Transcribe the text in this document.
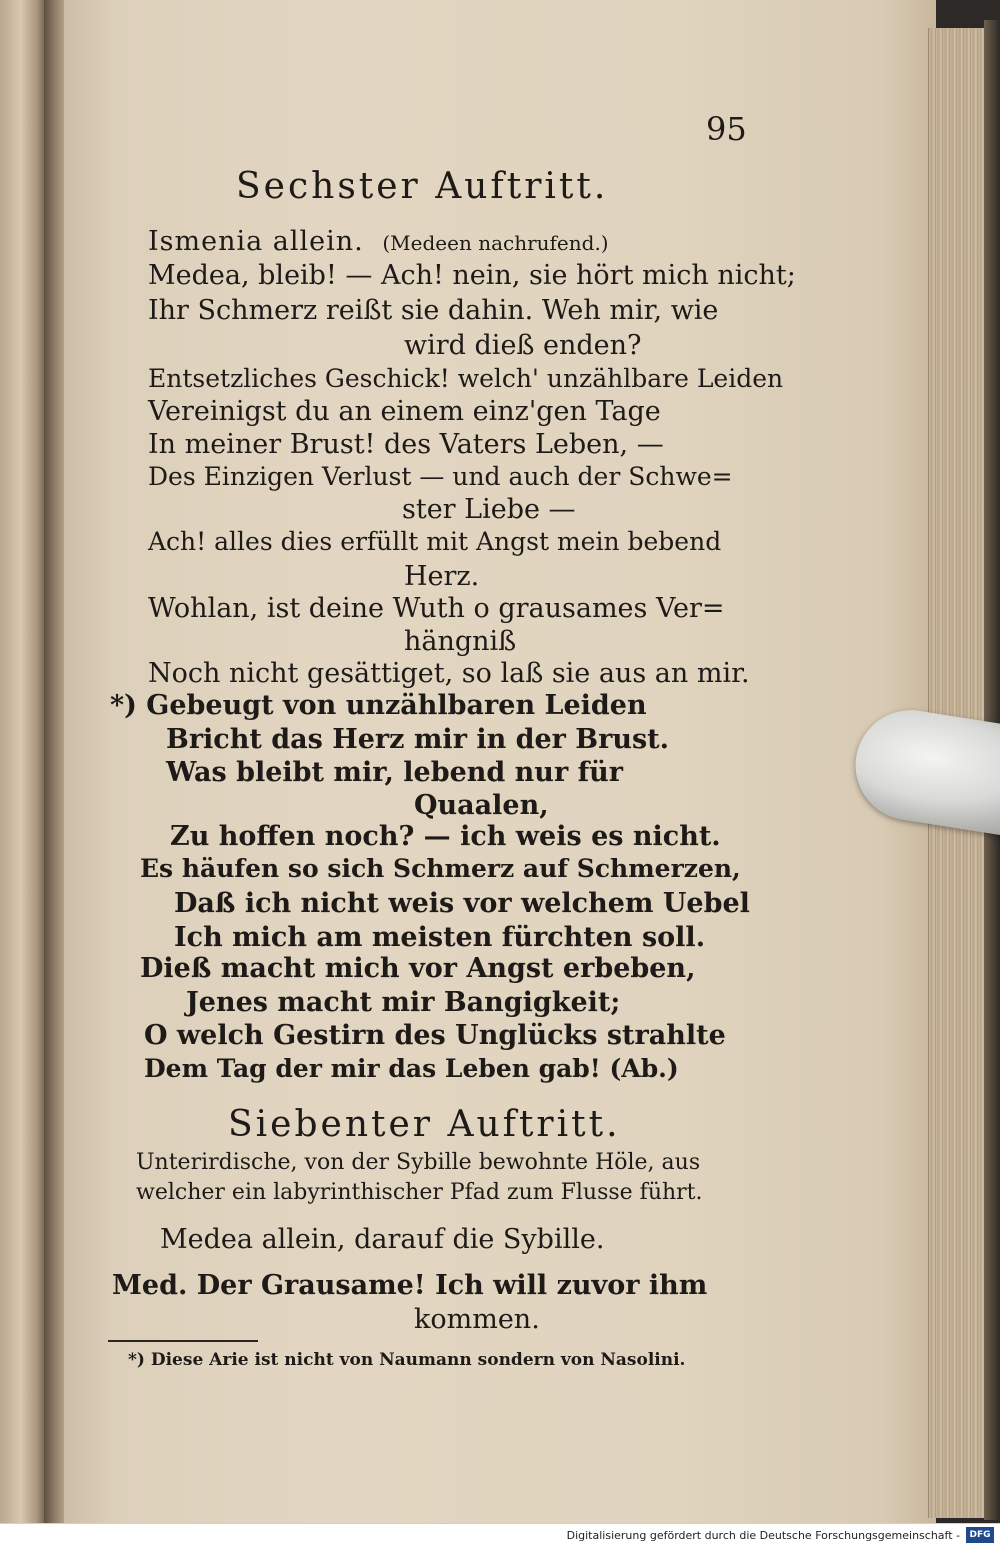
95
Sechster Auftritt.
Ismenia allein. (Medeen nachrufend.)
Medea, bleib! — Ach! nein, sie hört mich nicht;
Ihr Schmerz reißt sie dahin. Weh mir, wie
wird dieß enden?
Entsetzliches Geschick! welch' unzählbare Leiden
Vereinigst du an einem einz'gen Tage
In meiner Brust! des Vaters Leben, —
Des Einzigen Verlust — und auch der Schwe=
ster Liebe —
Ach! alles dies erfüllt mit Angst mein bebend
Herz.
Wohlan, ist deine Wuth o grausames Ver=
hängniß
Noch nicht gesättiget, so laß sie aus an mir.
*) Gebeugt von unzählbaren Leiden
Bricht das Herz mir in der Brust.
Was bleibt mir, lebend nur für
Quaalen,
Zu hoffen noch? — ich weis es nicht.
Es häufen so sich Schmerz auf Schmerzen,
Daß ich nicht weis vor welchem Uebel
Ich mich am meisten fürchten soll.
Dieß macht mich vor Angst erbeben,
Jenes macht mir Bangigkeit;
O welch Gestirn des Unglücks strahlte
Dem Tag der mir das Leben gab! (Ab.)
Siebenter Auftritt.
Unterirdische, von der Sybille bewohnte Höle, aus
welcher ein labyrinthischer Pfad zum Flusse führt.
Medea allein, darauf die Sybille.
Med. Der Grausame! Ich will zuvor ihm
kommen.
*) Diese Arie ist nicht von Naumann sondern von Nasolini.
Digitalisierung gefördert durch die Deutsche Forschungsgemeinschaft -	DFG
